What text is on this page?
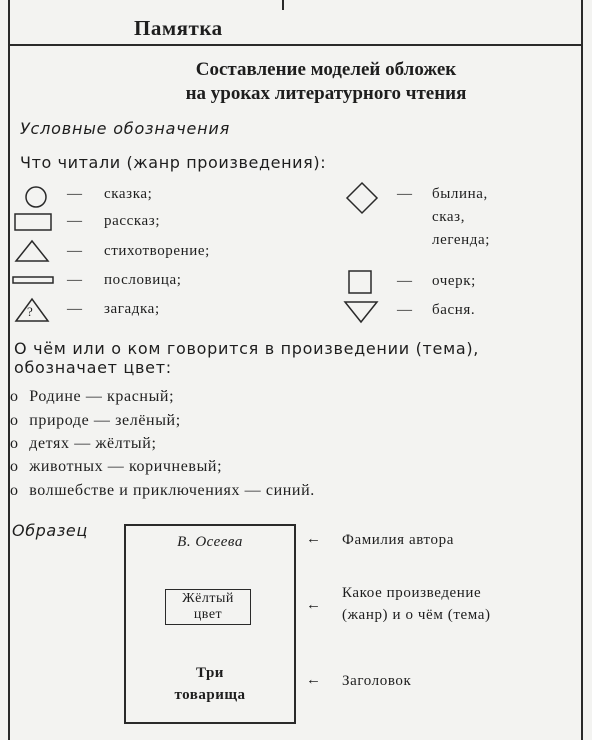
Памятка
Составление моделей обложек
на уроках литературного чтения
Условные обозначения
Что читали (жанр произведения):
— сказка;
— рассказ;
— стихотворение;
— пословица;
? — загадка;
— былина,
сказ,
легенда;
— очерк;
— басня.
О чём или о ком говорится в произведении (тема),
обозначает цвет:
о Родине — красный;
о природе — зелёный;
о детях — жёлтый;
о животных — коричневый;
о волшебстве и приключениях — синий.
Образец
В. Осеева
Жёлтый
цвет
Три
товарища
← Фамилия автора
←
Какое произведение
(жанр) и о чём (тема)
← Заголовок
